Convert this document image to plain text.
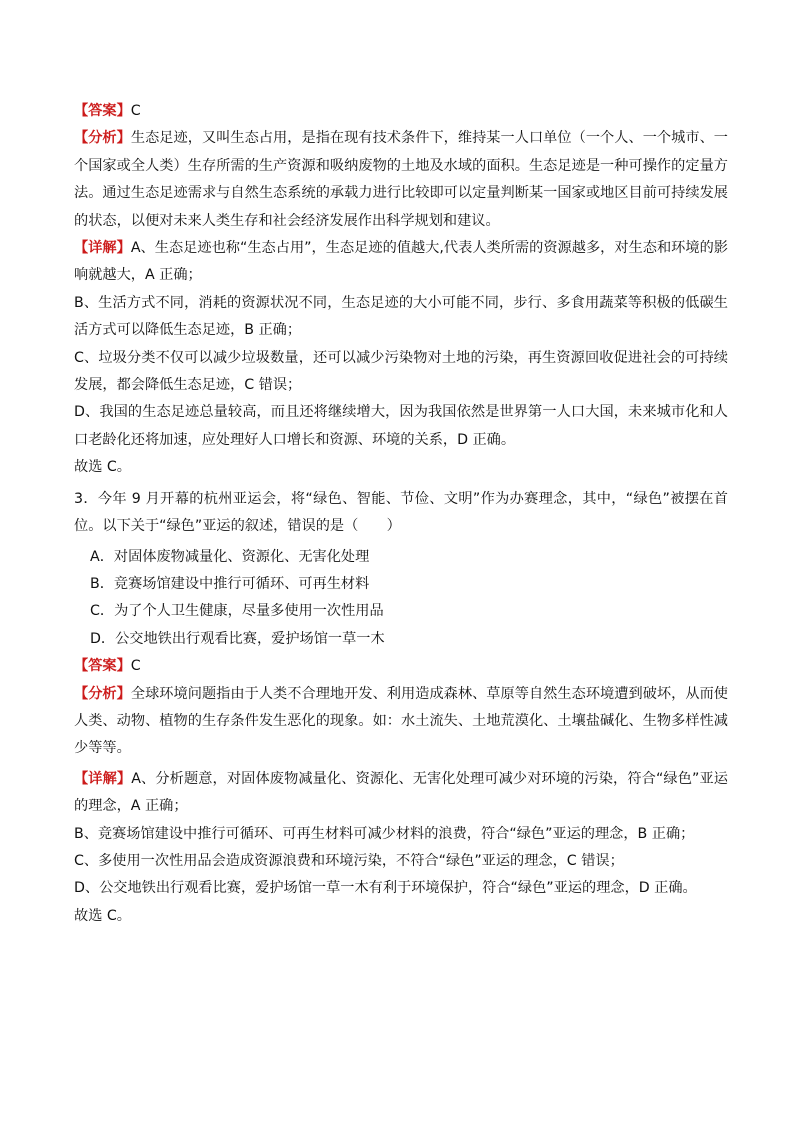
【答案】C

【分析】生态足迹，又叫生态占用，是指在现有技术条件下，维持某一人口单位（一个人、一个城市、一个国家或全人类）生存所需的生产资源和吸纳废物的土地及水域的面积。生态足迹是一种可操作的定量方法。通过生态足迹需求与自然生态系统的承载力进行比较即可以定量判断某一国家或地区目前可持续发展的状态，以便对未来人类生存和社会经济发展作出科学规划和建议。

【详解】A、生态足迹也称“生态占用”，生态足迹的值越大,代表人类所需的资源越多，对生态和环境的影响就越大，A 正确；

B、生活方式不同，消耗的资源状况不同，生态足迹的大小可能不同，步行、多食用蔬菜等积极的低碳生活方式可以降低生态足迹，B 正确；

C、垃圾分类不仅可以减少垃圾数量，还可以减少污染物对土地的污染，再生资源回收促进社会的可持续发展，都会降低生态足迹，C 错误；

D、我国的生态足迹总量较高，而且还将继续增大，因为我国依然是世界第一人口大国，未来城市化和人口老龄化还将加速，应处理好人口增长和资源、环境的关系，D 正确。

故选 C。

3．今年 9 月开幕的杭州亚运会，将“绿色、智能、节俭、文明”作为办赛理念，其中，“绿色”被摆在首位。以下关于“绿色”亚运的叙述，错误的是（　　）

A．对固体废物减量化、资源化、无害化处理

B．竞赛场馆建设中推行可循环、可再生材料

C．为了个人卫生健康，尽量多使用一次性用品

D．公交地铁出行观看比赛，爱护场馆一草一木

【答案】C

【分析】全球环境问题指由于人类不合理地开发、利用造成森林、草原等自然生态环境遭到破坏，从而使人类、动物、植物的生存条件发生恶化的现象。如：水土流失、土地荒漠化、土壤盐碱化、生物多样性减少等等。

【详解】A、分析题意，对固体废物减量化、资源化、无害化处理可减少对环境的污染，符合“绿色”亚运的理念，A 正确；

B、竞赛场馆建设中推行可循环、可再生材料可减少材料的浪费，符合“绿色”亚运的理念，B 正确；

C、多使用一次性用品会造成资源浪费和环境污染，不符合“绿色”亚运的理念，C 错误；

D、公交地铁出行观看比赛，爱护场馆一草一木有利于环境保护，符合“绿色”亚运的理念，D 正确。

故选 C。
